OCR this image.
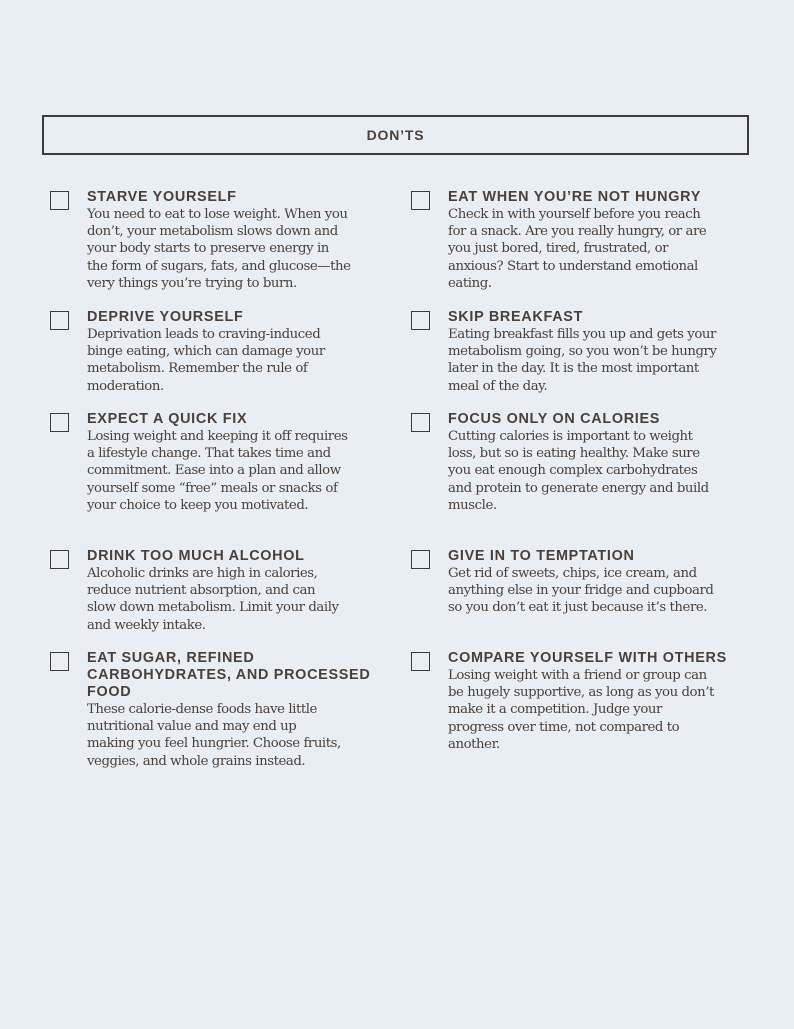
DON’TS
STARVE YOURSELF
You need to eat to lose weight. When you
don’t, your metabolism slows down and
your body starts to preserve energy in
the form of sugars, fats, and glucose—the
very things you’re trying to burn.
EAT WHEN YOU’RE NOT HUNGRY
Check in with yourself before you reach
for a snack. Are you really hungry, or are
you just bored, tired, frustrated, or
anxious? Start to understand emotional
eating.
DEPRIVE YOURSELF
Deprivation leads to craving-induced
binge eating, which can damage your
metabolism. Remember the rule of
moderation.
SKIP BREAKFAST
Eating breakfast fills you up and gets your
metabolism going, so you won’t be hungry
later in the day. It is the most important
meal of the day.
EXPECT A QUICK FIX
Losing weight and keeping it off requires
a lifestyle change. That takes time and
commitment. Ease into a plan and allow
yourself some “free” meals or snacks of
your choice to keep you motivated.
FOCUS ONLY ON CALORIES
Cutting calories is important to weight
loss, but so is eating healthy. Make sure
you eat enough complex carbohydrates
and protein to generate energy and build
muscle.
DRINK TOO MUCH ALCOHOL
Alcoholic drinks are high in calories,
reduce nutrient absorption, and can
slow down metabolism. Limit your daily
and weekly intake.
GIVE IN TO TEMPTATION
Get rid of sweets, chips, ice cream, and
anything else in your fridge and cupboard
so you don’t eat it just because it’s there.
EAT SUGAR, REFINED
CARBOHYDRATES, AND PROCESSED
FOOD
These calorie-dense foods have little
nutritional value and may end up
making you feel hungrier. Choose fruits,
veggies, and whole grains instead.
COMPARE YOURSELF WITH OTHERS
Losing weight with a friend or group can
be hugely supportive, as long as you don’t
make it a competition. Judge your
progress over time, not compared to
another.
